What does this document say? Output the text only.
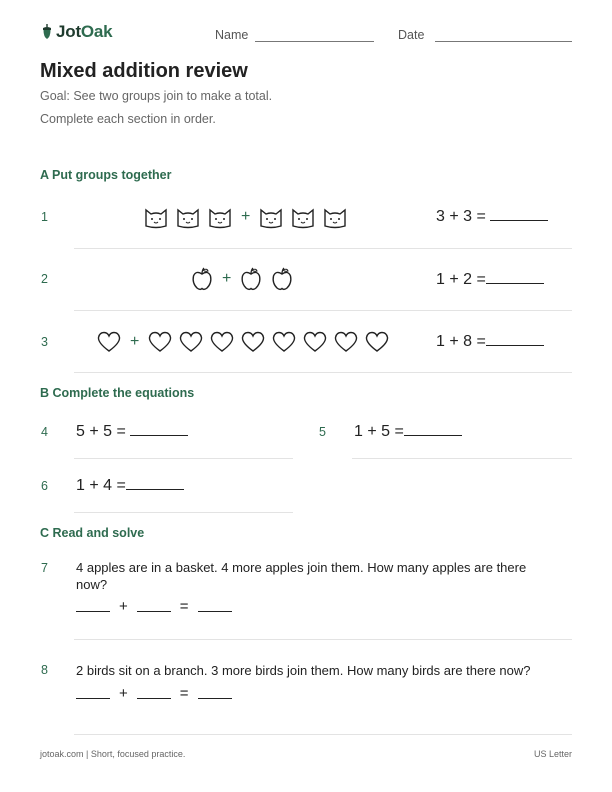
JotOak	Name	Date
Mixed addition review
Goal: See two groups join to make a total.
Complete each section in order.
A Put groups together
1	+	3 + 3 =
2	+	1 + 2 =
3	+	1 + 8 =
B Complete the equations
4 5 + 5 =	5 1 + 5 =
6 1 + 4 =
C Read and solve
7 4 apples are in a basket. 4 more apples join them. How many apples are there now?
+	=
8 2 birds sit on a branch. 3 more birds join them. How many birds are there now?
+	=
jotoak.com | Short, focused practice.	US Letter
